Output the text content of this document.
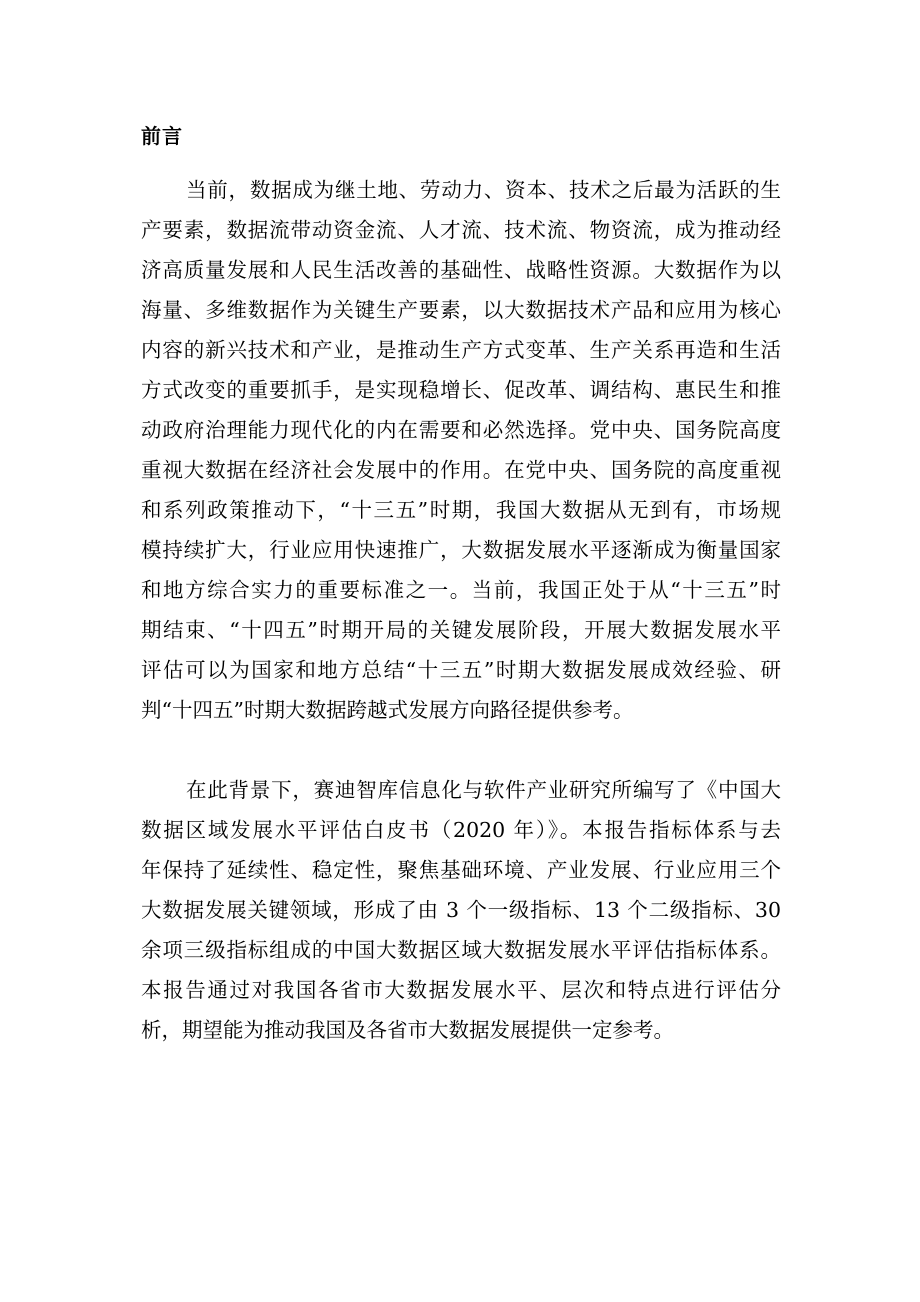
前言
当前，数据成为继土地、劳动力、资本、技术之后最为活跃的生
产要素，数据流带动资金流、人才流、技术流、物资流，成为推动经
济高质量发展和人民生活改善的基础性、战略性资源。大数据作为以
海量、多维数据作为关键生产要素，以大数据技术产品和应用为核心
内容的新兴技术和产业，是推动生产方式变革、生产关系再造和生活
方式改变的重要抓手，是实现稳增长、促改革、调结构、惠民生和推
动政府治理能力现代化的内在需要和必然选择。党中央、国务院高度
重视大数据在经济社会发展中的作用。在党中央、国务院的高度重视
和系列政策推动下，“十三五”时期，我国大数据从无到有，市场规
模持续扩大，行业应用快速推广，大数据发展水平逐渐成为衡量国家
和地方综合实力的重要标准之一。当前，我国正处于从“十三五”时
期结束、“十四五”时期开局的关键发展阶段，开展大数据发展水平
评估可以为国家和地方总结“十三五”时期大数据发展成效经验、研
判“十四五”时期大数据跨越式发展方向路径提供参考。
在此背景下，赛迪智库信息化与软件产业研究所编写了《中国大
数据区域发展水平评估白皮书（2020 年）》。本报告指标体系与去
年保持了延续性、稳定性，聚焦基础环境、产业发展、行业应用三个
大数据发展关键领域，形成了由 3 个一级指标、13 个二级指标、30
余项三级指标组成的中国大数据区域大数据发展水平评估指标体系。
本报告通过对我国各省市大数据发展水平、层次和特点进行评估分
析，期望能为推动我国及各省市大数据发展提供一定参考。
